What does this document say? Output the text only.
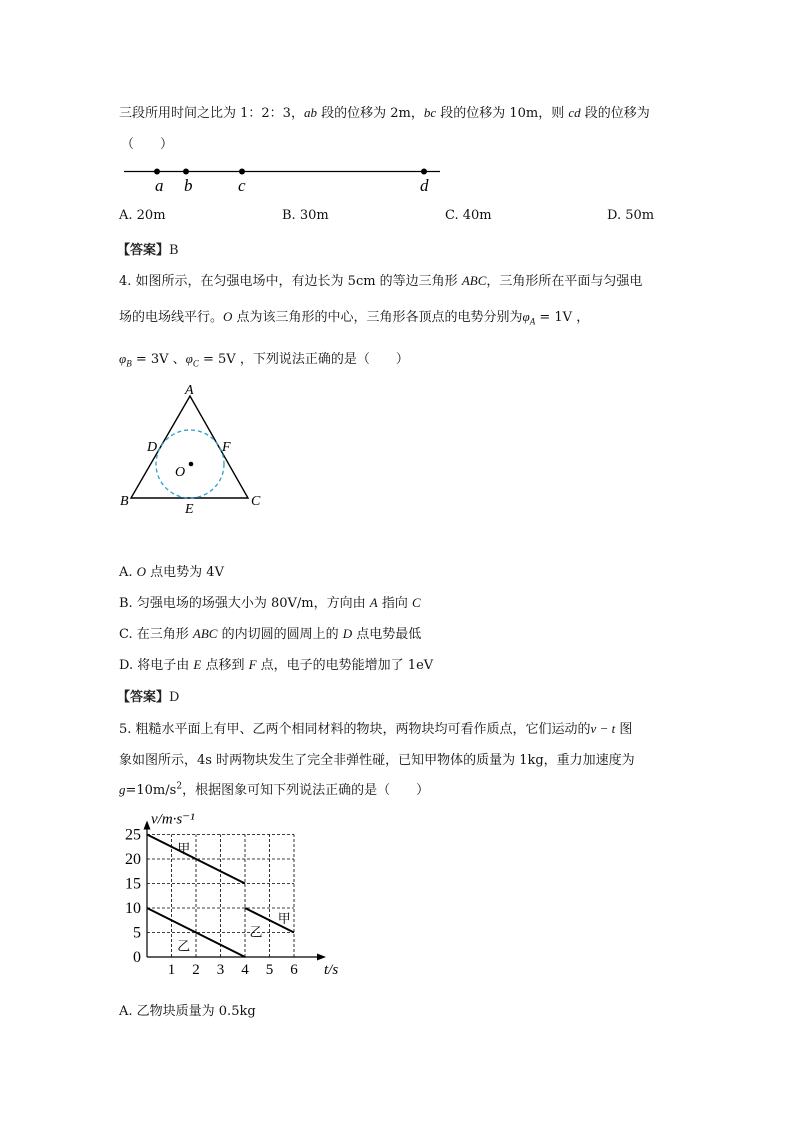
三段所用时间之比为 1：2：3，ab 段的位移为 2m，bc 段的位移为 10m，则 cd 段的位移为
（　　）
a b	c	d
A. 20m	B. 30m	C. 40m	D. 50m
【答案】B
4. 如图所示，在匀强电场中，有边长为 5cm 的等边三角形 ABC，三角形所在平面与匀强电
场的电场线平行。O 点为该三角形的中心，三角形各顶点的电势分别为$\varphi_A = 1V$ ，
$\varphi_B = 3V$ 、$\varphi_C = 5V$ ，下列说法正确的是（　　）
A
D	F
O
B	C
E
A. O 点电势为 4V
B. 匀强电场的场强大小为 80V/m，方向由 A 指向 C
C. 在三角形 ABC 的内切圆的圆周上的 D 点电势最低
D. 将电子由 E 点移到 F 点，电子的电势能增加了 1eV
【答案】D
5. 粗糙水平面上有甲、乙两个相同材料的物块，两物块均可看作质点，它们运动的v − t 图
象如图所示，4s 时两物块发生了完全非弹性碰，已知甲物体的质量为 1kg，重力加速度为
$g=10m/s^2$，根据图象可知下列说法正确的是（　　）
1 2 3 4 5 6
0
5
10
15
20
25
v/m·s⁻¹
t/s
甲
乙
乙
甲
A. 乙物块质量为 0.5kg
